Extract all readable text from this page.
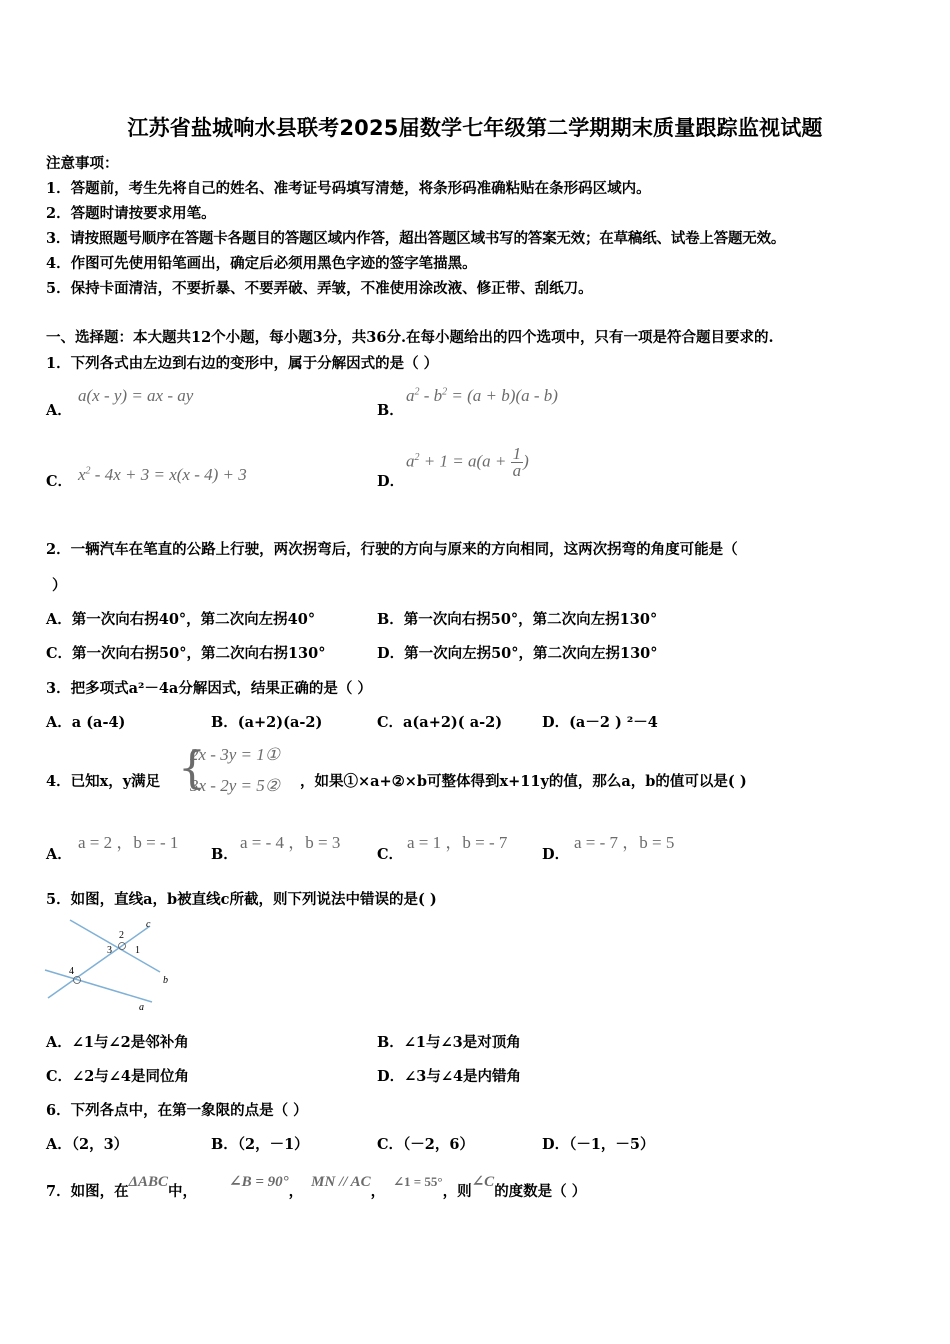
江苏省盐城响水县联考2025届数学七年级第二学期期末质量跟踪监视试题
注意事项：
1．答题前，考生先将自己的姓名、准考证号码填写清楚，将条形码准确粘贴在条形码区域内。
2．答题时请按要求用笔。
3．请按照题号顺序在答题卡各题目的答题区域内作答，超出答题区域书写的答案无效；在草稿纸、试卷上答题无效。
4．作图可先使用铅笔画出，确定后必须用黑色字迹的签字笔描黑。
5．保持卡面清洁，不要折暴、不要弄破、弄皱，不准使用涂改液、修正带、刮纸刀。
一、选择题：本大题共12个小题，每小题3分，共36分.在每小题给出的四个选项中，只有一项是符合题目要求的.
1．下列各式由左边到右边的变形中，属于分解因式的是（ ）
A．
a(x - y) = ax - ay
B．
$a^2 - b^2 = (a + b)(a - b)$
C． $x^2 - 4x + 3 = x(x - 4) + 3$	D．
$a^2 + 1 = a(a + \frac{1}{a}$ )
2．一辆汽车在笔直的公路上行驶，两次拐弯后，行驶的方向与原来的方向相同，这两次拐弯的角度可能是（
）
A．第一次向右拐40°，第二次向左拐40°	B．第一次向右拐50°，第二次向左拐130°
C．第一次向右拐50°，第二次向右拐130°	D．第一次向左拐50°，第二次向左拐130°
3．把多项式a²－4a分解因式，结果正确的是（ ）
A．a (a-4)	B．(a+2)(a-2)	C．a(a+2)( a-2)	D．(a－2 ) ²－4
4．已知x，y满足 {
2x - 3y = 1①
3x - 2y = 5② ，如果①×a+②×b可整体得到x+11y的值，那么a，b的值可以是( )
A．
a = 2 ，b = - 1
B．
a = - 4 ，b = 3
C．
a = 1 ，b = - 7
D．
a = - 7 ，b = 5
5．如图，直线a，b被直线c所截，则下列说法中错误的是( )
c
b
a
1
2
3
4
A．∠1与∠2是邻补角	B．∠1与∠3是对顶角
C．∠2与∠4是同位角	D．∠3与∠4是内错角
6．下列各点中，在第一象限的点是（ ）
A．（2，3）	B．（2，－1）	C．（－2，6）	D．（－1，－5）
7．如图，在ΔABC中，∠B = 90°，MN // AC，∠1 = 55°，则∠C的度数是（ ）
